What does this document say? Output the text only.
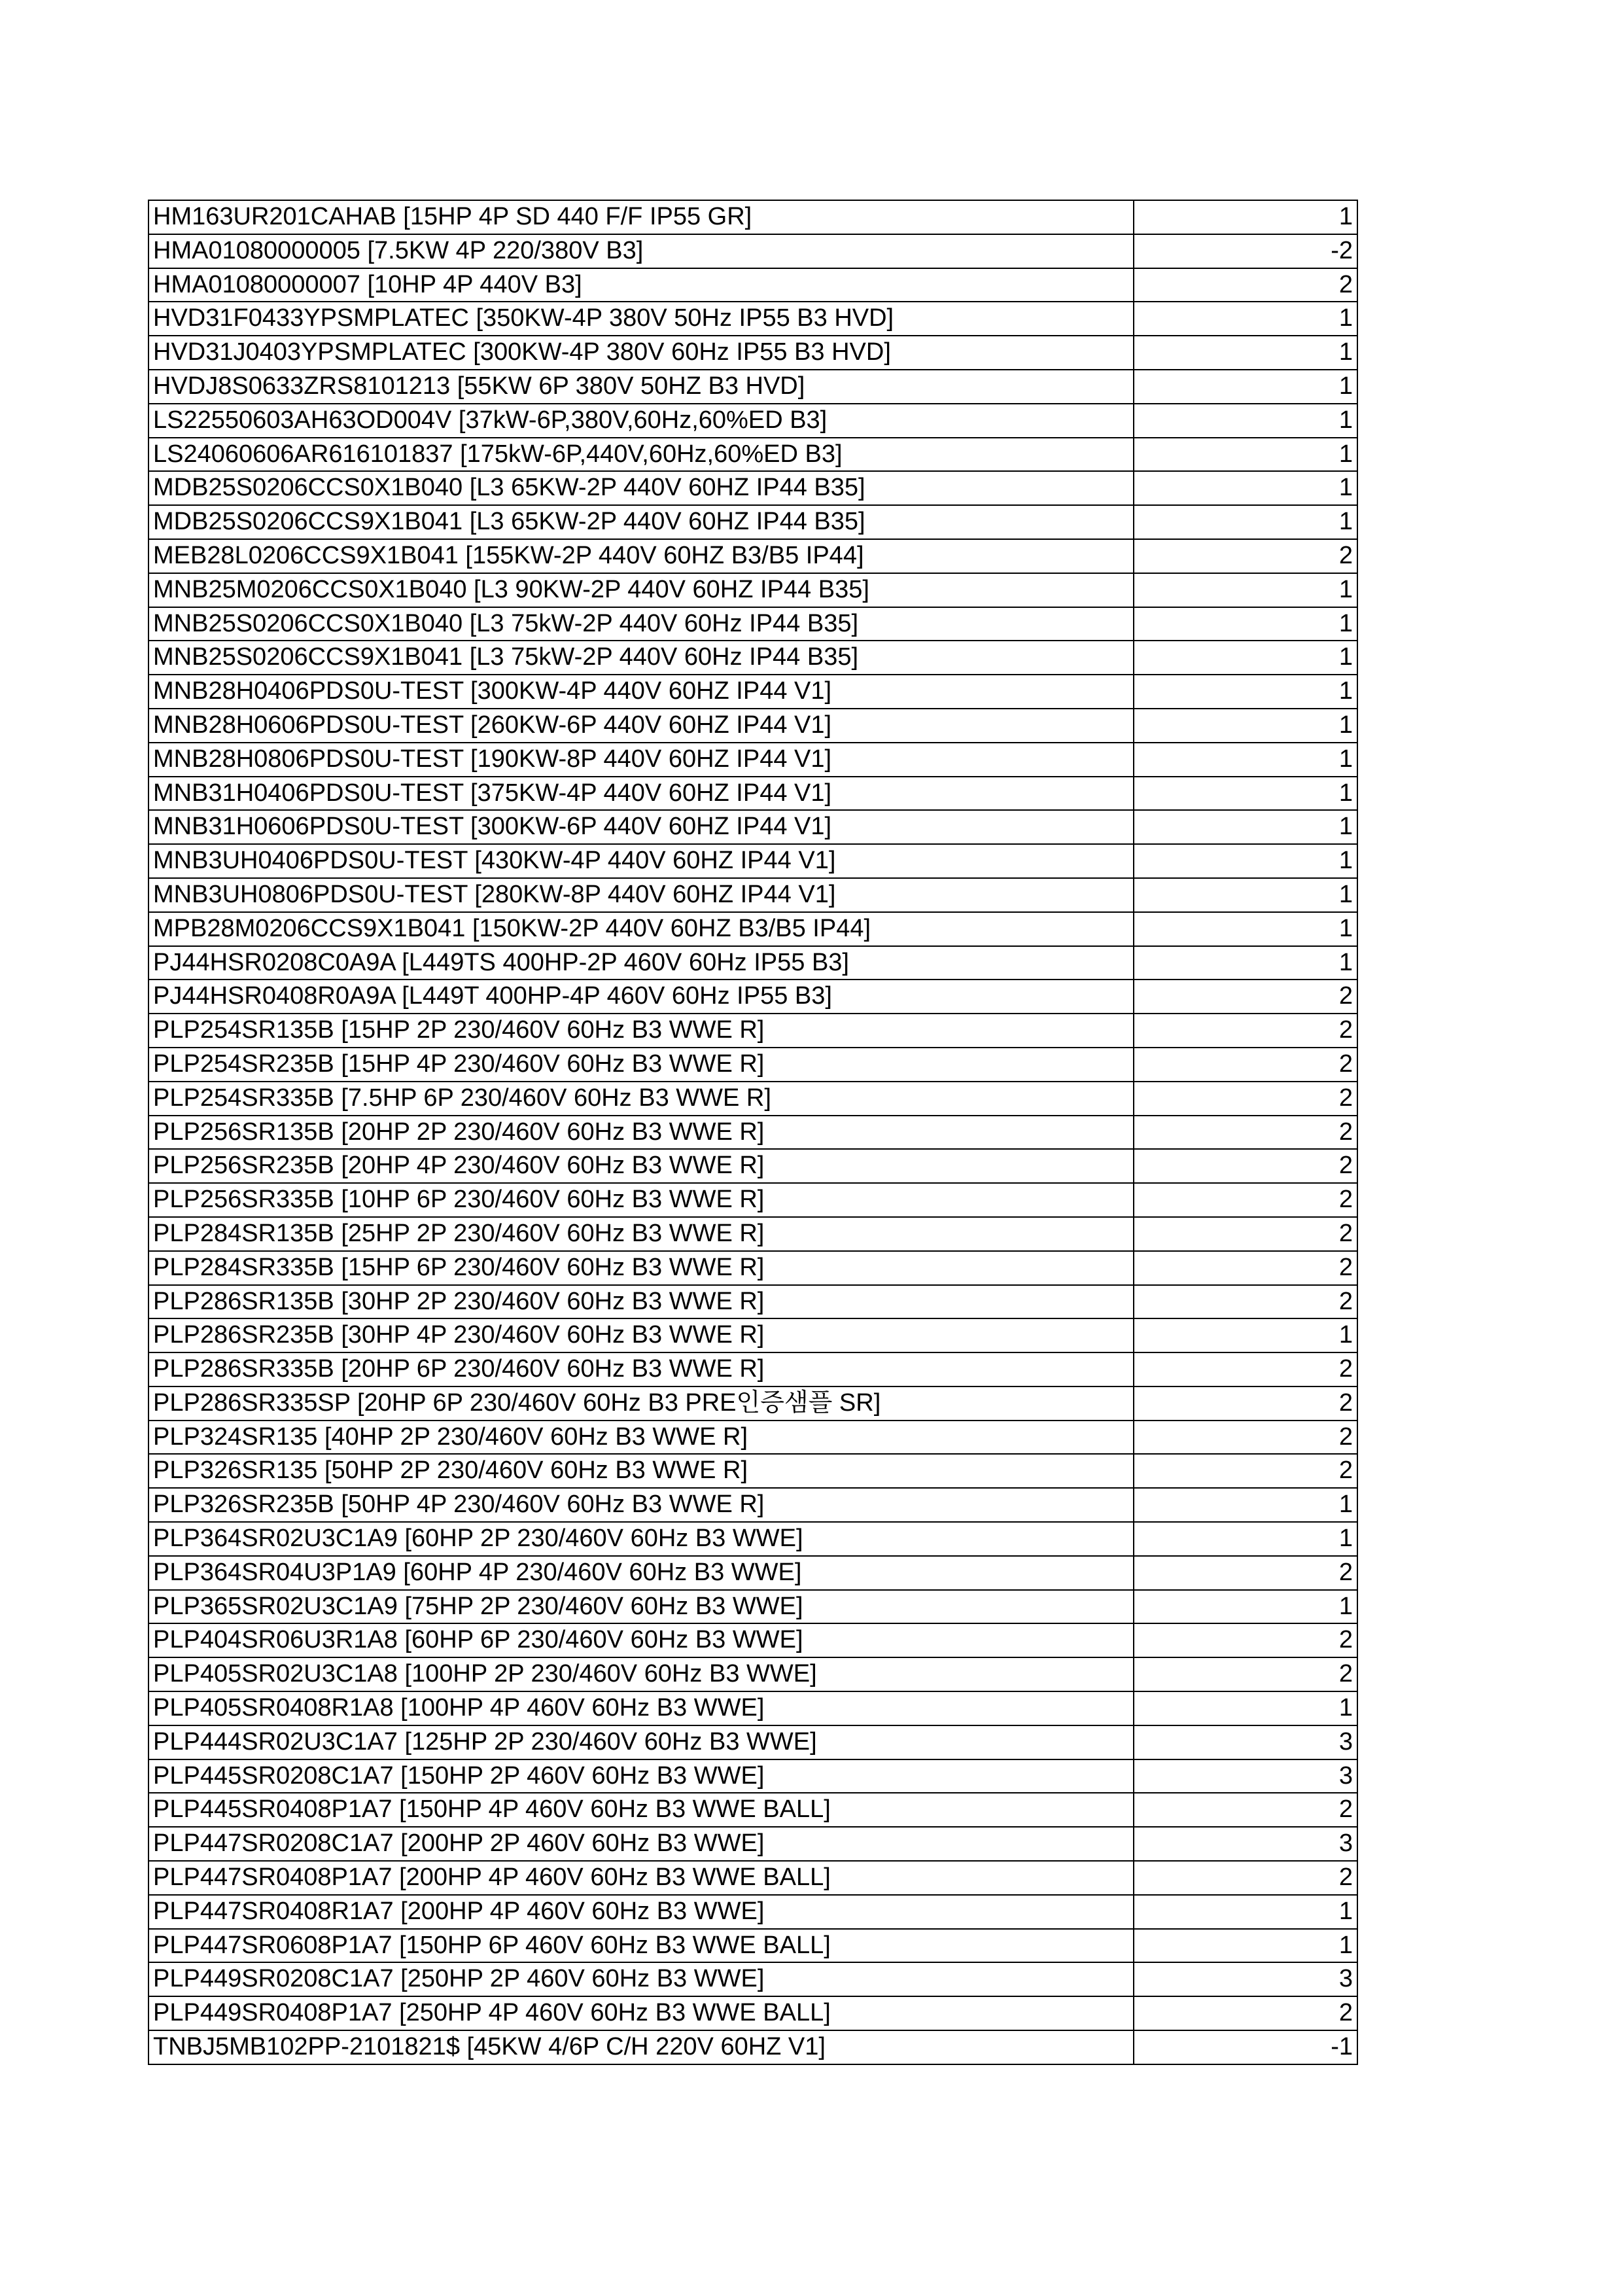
HM163UR201CAHAB [15HP 4P SD 440 F/F IP55 GR]	1
HMA01080000005 [7.5KW 4P 220/380V B3]	-2
HMA01080000007 [10HP 4P 440V B3]	2
HVD31F0433YPSMPLATEC [350KW-4P 380V 50Hz IP55 B3 HVD]	1
HVD31J0403YPSMPLATEC [300KW-4P 380V 60Hz IP55 B3 HVD]	1
HVDJ8S0633ZRS8101213 [55KW 6P 380V 50HZ B3 HVD]	1
LS22550603AH63OD004V [37kW-6P,380V,60Hz,60%ED B3]	1
LS24060606AR616101837 [175kW-6P,440V,60Hz,60%ED B3]	1
MDB25S0206CCS0X1B040 [L3 65KW-2P 440V 60HZ IP44 B35]	1
MDB25S0206CCS9X1B041 [L3 65KW-2P 440V 60HZ IP44 B35]	1
MEB28L0206CCS9X1B041 [155KW-2P 440V 60HZ B3/B5 IP44]	2
MNB25M0206CCS0X1B040 [L3 90KW-2P 440V 60HZ IP44 B35]	1
MNB25S0206CCS0X1B040 [L3 75kW-2P 440V 60Hz IP44 B35]	1
MNB25S0206CCS9X1B041 [L3 75kW-2P 440V 60Hz IP44 B35]	1
MNB28H0406PDS0U-TEST [300KW-4P 440V 60HZ IP44 V1]	1
MNB28H0606PDS0U-TEST [260KW-6P 440V 60HZ IP44 V1]	1
MNB28H0806PDS0U-TEST [190KW-8P 440V 60HZ IP44 V1]	1
MNB31H0406PDS0U-TEST [375KW-4P 440V 60HZ IP44 V1]	1
MNB31H0606PDS0U-TEST [300KW-6P 440V 60HZ IP44 V1]	1
MNB3UH0406PDS0U-TEST [430KW-4P 440V 60HZ IP44 V1]	1
MNB3UH0806PDS0U-TEST [280KW-8P 440V 60HZ IP44 V1]	1
MPB28M0206CCS9X1B041 [150KW-2P 440V 60HZ B3/B5 IP44]	1
PJ44HSR0208C0A9A [L449TS 400HP-2P 460V 60Hz IP55 B3]	1
PJ44HSR0408R0A9A [L449T 400HP-4P 460V 60Hz IP55 B3]	2
PLP254SR135B [15HP 2P 230/460V 60Hz B3 WWE R]	2
PLP254SR235B [15HP 4P 230/460V 60Hz B3 WWE R]	2
PLP254SR335B [7.5HP 6P 230/460V 60Hz B3 WWE R]	2
PLP256SR135B [20HP 2P 230/460V 60Hz B3 WWE R]	2
PLP256SR235B [20HP 4P 230/460V 60Hz B3 WWE R]	2
PLP256SR335B [10HP 6P 230/460V 60Hz B3 WWE R]	2
PLP284SR135B [25HP 2P 230/460V 60Hz B3 WWE R]	2
PLP284SR335B [15HP 6P 230/460V 60Hz B3 WWE R]	2
PLP286SR135B [30HP 2P 230/460V 60Hz B3 WWE R]	2
PLP286SR235B [30HP 4P 230/460V 60Hz B3 WWE R]	1
PLP286SR335B [20HP 6P 230/460V 60Hz B3 WWE R]	2
PLP286SR335SP [20HP 6P 230/460V 60Hz B3 PRE인증샘플 SR]	2
PLP324SR135 [40HP 2P 230/460V 60Hz B3 WWE R]	2
PLP326SR135 [50HP 2P 230/460V 60Hz B3 WWE R]	2
PLP326SR235B [50HP 4P 230/460V 60Hz B3 WWE R]	1
PLP364SR02U3C1A9 [60HP 2P 230/460V 60Hz B3 WWE]	1
PLP364SR04U3P1A9 [60HP 4P 230/460V 60Hz B3 WWE]	2
PLP365SR02U3C1A9 [75HP 2P 230/460V 60Hz B3 WWE]	1
PLP404SR06U3R1A8 [60HP 6P 230/460V 60Hz B3 WWE]	2
PLP405SR02U3C1A8 [100HP 2P 230/460V 60Hz B3 WWE]	2
PLP405SR0408R1A8 [100HP 4P 460V 60Hz B3 WWE]	1
PLP444SR02U3C1A7 [125HP 2P 230/460V 60Hz B3 WWE]	3
PLP445SR0208C1A7 [150HP 2P 460V 60Hz B3 WWE]	3
PLP445SR0408P1A7 [150HP 4P 460V 60Hz B3 WWE BALL]	2
PLP447SR0208C1A7 [200HP 2P 460V 60Hz B3 WWE]	3
PLP447SR0408P1A7 [200HP 4P 460V 60Hz B3 WWE BALL]	2
PLP447SR0408R1A7 [200HP 4P 460V 60Hz B3 WWE]	1
PLP447SR0608P1A7 [150HP 6P 460V 60Hz B3 WWE BALL]	1
PLP449SR0208C1A7 [250HP 2P 460V 60Hz B3 WWE]	3
PLP449SR0408P1A7 [250HP 4P 460V 60Hz B3 WWE BALL]	2
TNBJ5MB102PP-2101821$ [45KW 4/6P C/H 220V 60HZ V1]	-1
